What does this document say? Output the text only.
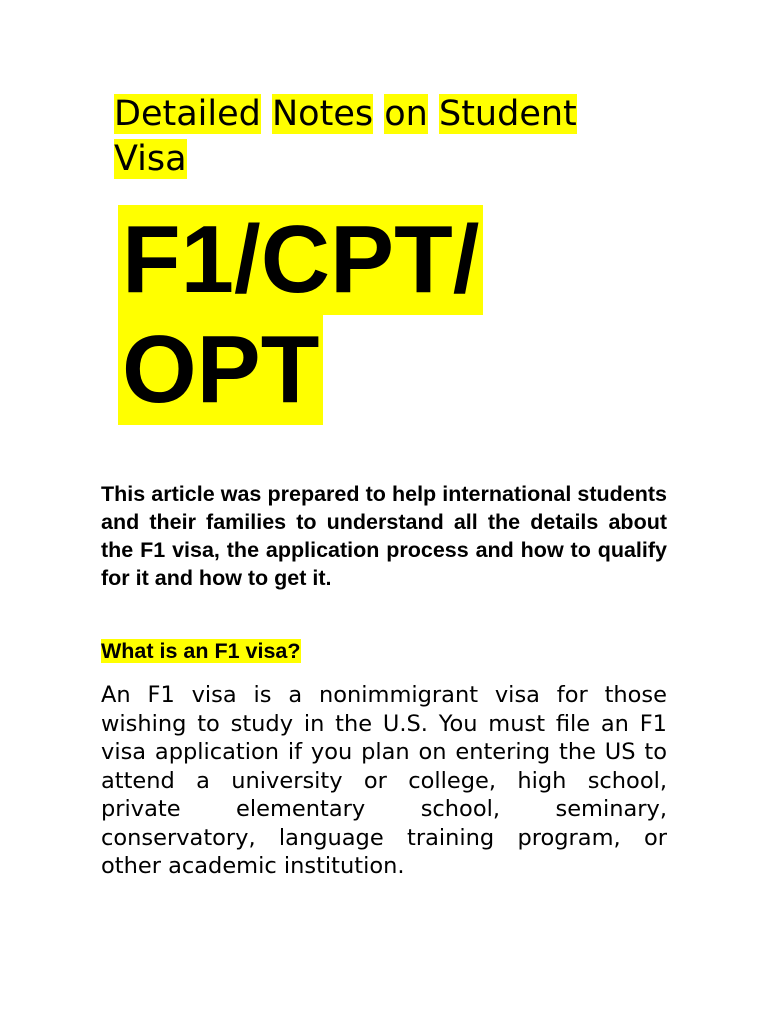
Detailed Notes on Student Visa
F1/CPT/
OPT

This article was prepared to help international students and their families to understand all the details about the F1 visa, the application process and how to qualify for it and how to get it.

What is an F1 visa?

An F1 visa is a nonimmigrant visa for those wishing to study in the U.S. You must file an F1 visa application if you plan on entering the US to attend a university or college, high school, private elementary school, seminary, conservatory, language training program, or other academic institution.
